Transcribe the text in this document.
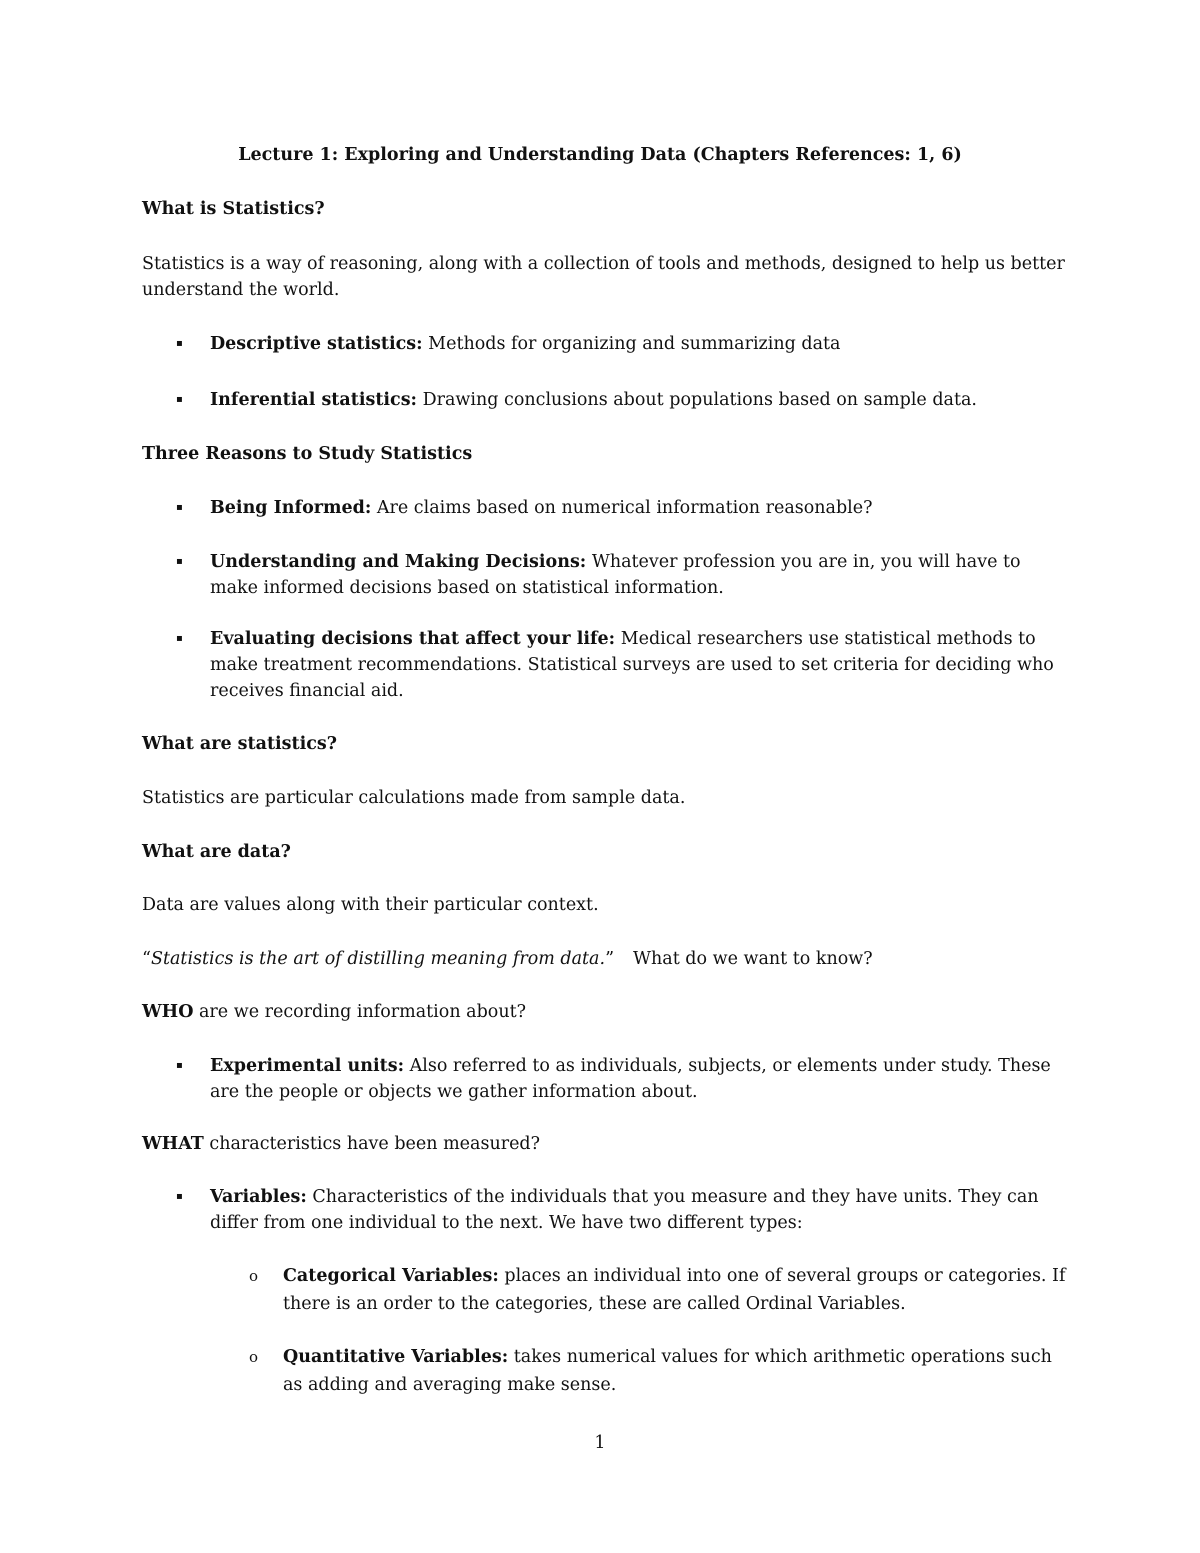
Lecture 1: Exploring and Understanding Data (Chapters References: 1, 6)

What is Statistics?

Statistics is a way of reasoning, along with a collection of tools and methods, designed to help us better understand the world.

▪ Descriptive statistics: Methods for organizing and summarizing data

▪ Inferential statistics: Drawing conclusions about populations based on sample data.

Three Reasons to Study Statistics

▪ Being Informed: Are claims based on numerical information reasonable?

▪ Understanding and Making Decisions: Whatever profession you are in, you will have to make informed decisions based on statistical information.

▪ Evaluating decisions that affect your life: Medical researchers use statistical methods to make treatment recommendations. Statistical surveys are used to set criteria for deciding who receives financial aid.

What are statistics?

Statistics are particular calculations made from sample data.

What are data?

Data are values along with their particular context.

“Statistics is the art of distilling meaning from data.”	What do we want to know?

WHO are we recording information about?

▪ Experimental units: Also referred to as individuals, subjects, or elements under study. These are the people or objects we gather information about.

WHAT characteristics have been measured?

▪ Variables: Characteristics of the individuals that you measure and they have units. They can differ from one individual to the next. We have two different types:

o Categorical Variables: places an individual into one of several groups or categories. If there is an order to the categories, these are called Ordinal Variables.

o Quantitative Variables: takes numerical values for which arithmetic operations such as adding and averaging make sense.

1
